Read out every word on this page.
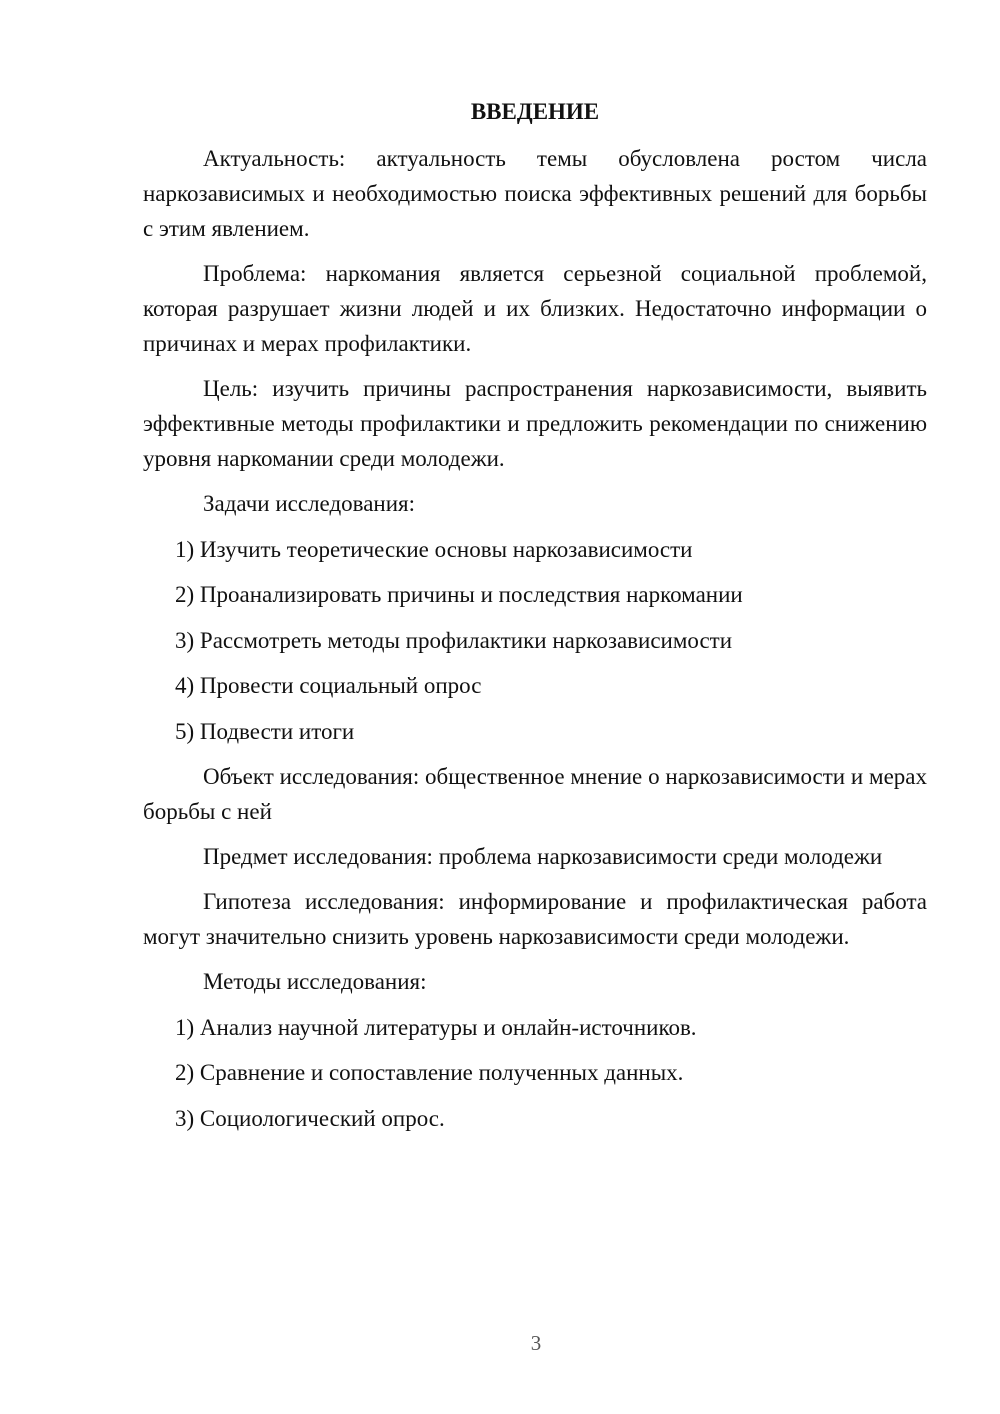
ВВЕДЕНИЕ

Актуальность: актуальность темы обусловлена ростом числа наркозависимых и необходимостью поиска эффективных решений для борьбы с этим явлением.

Проблема: наркомания является серьезной социальной проблемой, которая разрушает жизни людей и их близких. Недостаточно информации о причинах и мерах профилактики.

Цель: изучить причины распространения наркозависимости, выявить эффективные методы профилактики и предложить рекомендации по снижению уровня наркомании среди молодежи.

Задачи исследования:

1) Изучить теоретические основы наркозависимости

2) Проанализировать причины и последствия наркомании

3) Рассмотреть методы профилактики наркозависимости

4) Провести социальный опрос

5) Подвести итоги

Объект исследования: общественное мнение о наркозависимости и мерах борьбы с ней

Предмет исследования: проблема наркозависимости среди молодежи

Гипотеза исследования: информирование и профилактическая работа могут значительно снизить уровень наркозависимости среди молодежи.

Методы исследования:

1) Анализ научной литературы и онлайн-источников.

2) Сравнение и сопоставление полученных данных.

3) Социологический опрос.

3
